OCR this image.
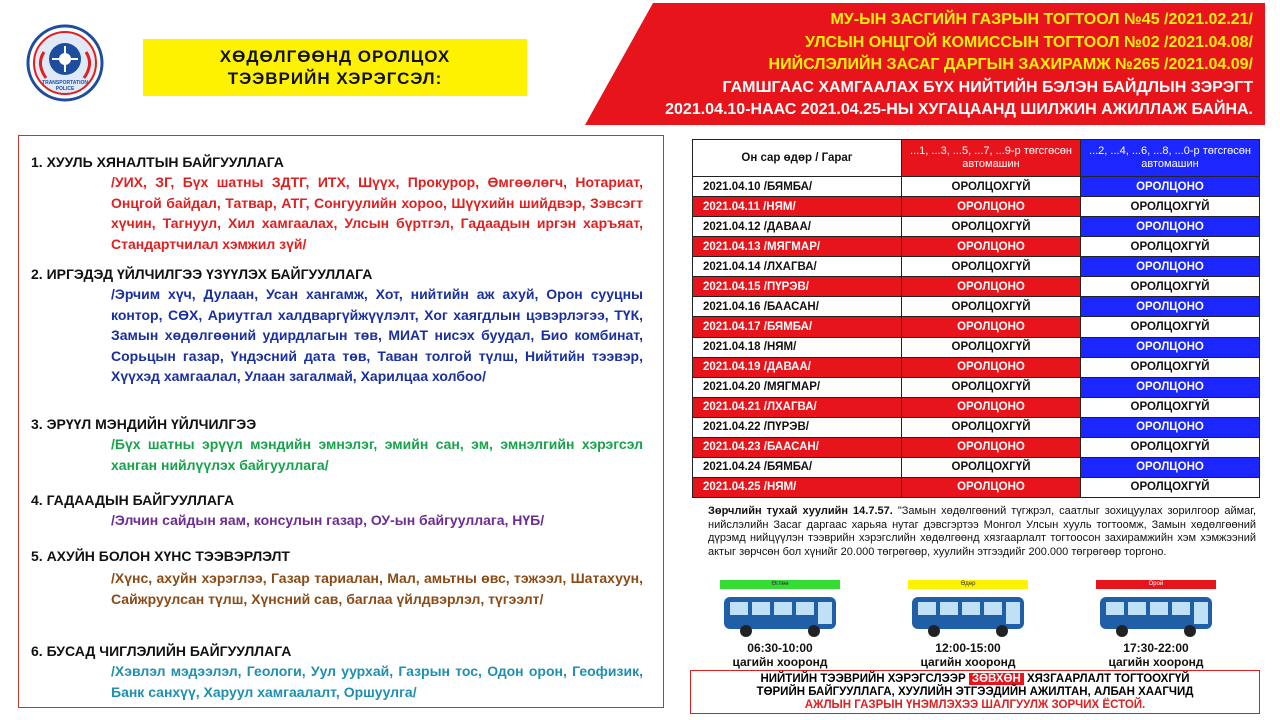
TRANSPORTATION POLICE
ХӨДӨЛГӨӨНД ОРОЛЦОХ
ТЭЭВРИЙН ХЭРЭГСЭЛ:
МУ-ЫН ЗАСГИЙН ГАЗРЫН ТОГТООЛ №45 /2021.02.21/
УЛСЫН ОНЦГОЙ КОМИССЫН ТОГТООЛ №02 /2021.04.08/
НИЙСЛЭЛИЙН ЗАСАГ ДАРГЫН ЗАХИРАМЖ №265 /2021.04.09/
ГАМШГААС ХАМГААЛАХ БҮХ НИЙТИЙН БЭЛЭН БАЙДЛЫН ЗЭРЭГТ
2021.04.10-НААС 2021.04.25-НЫ ХУГАЦААНД ШИЛЖИН АЖИЛЛАЖ БАЙНА.
1. ХУУЛЬ ХЯНАЛТЫН БАЙГУУЛЛАГА
/УИХ, ЗГ, Бүх шатны ЗДТГ, ИТХ, Шүүх, Прокурор, Өмгөөлөгч, Нотариат, Онцгой байдал, Татвар, АТГ, Сонгуулийн хороо, Шүүхийн шийдвэр, Зэвсэгт хүчин, Тагнуул, Хил хамгаалах, Улсын бүртгэл, Гадаадын иргэн харъяат, Стандартчилал хэмжил зүй/
2. ИРГЭДЭД ҮЙЛЧИЛГЭЭ ҮЗҮҮЛЭХ БАЙГУУЛЛАГА
/Эрчим хүч, Дулаан, Усан хангамж, Хот, нийтийн аж ахуй, Орон сууцны контор, СӨХ, Ариутгал халдваргүйжүүлэлт, Хог хаягдлын цэвэрлэгээ, ТҮК, Замын хөдөлгөөний удирдлагын төв, МИАТ нисэх буудал, Био комбинат, Сорьцын газар, Үндэсний дата төв, Таван толгой түлш, Нийтийн тээвэр, Хүүхэд хамгаалал, Улаан загалмай, Харилцаа холбоо/
3. ЭРҮҮЛ МЭНДИЙН ҮЙЛЧИЛГЭЭ
/Бүх шатны эрүүл мэндийн эмнэлэг, эмийн сан, эм, эмнэлгийн хэрэгсэл ханган нийлүүлэх байгууллага/
4. ГАДААДЫН БАЙГУУЛЛАГА
/Элчин сайдын яам, консулын газар, ОУ-ын байгууллага, НҮБ/
5. АХУЙН БОЛОН ХҮНС ТЭЭВЭРЛЭЛТ
/Хүнс, ахуйн хэрэглээ, Газар тариалан, Мал, амьтны өвс, тэжээл, Шатахуун, Сайжруулсан түлш, Хүнсний сав, баглаа үйлдвэрлэл, түгээлт/
6. БУСАД ЧИГЛЭЛИЙН БАЙГУУЛЛАГА
/Хэвлэл мэдээлэл, Геологи, Уул уурхай, Газрын тос, Одон орон, Геофизик, Банк санхүү, Харуул хамгаалалт, Оршуулга/
Он сар өдөр / Гараг	...1, ...3, ...5, ...7, ...9-р төгсгөсөн автомашин	...2, ...4, ...6, ...8, ...0-р төгсгөсөн автомашин
2021.04.10 /БЯМБА/	ОРОЛЦОХГҮЙ	ОРОЛЦОНО
2021.04.11 /НЯМ/	ОРОЛЦОНО	ОРОЛЦОХГҮЙ
2021.04.12 /ДАВАА/	ОРОЛЦОХГҮЙ	ОРОЛЦОНО
2021.04.13 /МЯГМАР/	ОРОЛЦОНО	ОРОЛЦОХГҮЙ
2021.04.14 /ЛХАГВА/	ОРОЛЦОХГҮЙ	ОРОЛЦОНО
2021.04.15 /ПҮРЭВ/	ОРОЛЦОНО	ОРОЛЦОХГҮЙ
2021.04.16 /БААСАН/	ОРОЛЦОХГҮЙ	ОРОЛЦОНО
2021.04.17 /БЯМБА/	ОРОЛЦОНО	ОРОЛЦОХГҮЙ
2021.04.18 /НЯМ/	ОРОЛЦОХГҮЙ	ОРОЛЦОНО
2021.04.19 /ДАВАА/	ОРОЛЦОНО	ОРОЛЦОХГҮЙ
2021.04.20 /МЯГМАР/	ОРОЛЦОХГҮЙ	ОРОЛЦОНО
2021.04.21 /ЛХАГВА/	ОРОЛЦОНО	ОРОЛЦОХГҮЙ
2021.04.22 /ПҮРЭВ/	ОРОЛЦОХГҮЙ	ОРОЛЦОНО
2021.04.23 /БААСАН/	ОРОЛЦОНО	ОРОЛЦОХГҮЙ
2021.04.24 /БЯМБА/	ОРОЛЦОХГҮЙ	ОРОЛЦОНО
2021.04.25 /НЯМ/	ОРОЛЦОНО	ОРОЛЦОХГҮЙ
Зөрчлийн тухай хуулийн 14.7.57. "Замын хөдөлгөөний түгжрэл, саатлыг зохицуулах зорилгоор аймаг, нийслэлийн Засаг даргаас харьяа нутаг дэвсгэртээ Монгол Улсын хууль тогтоомж, Замын хөдөлгөөний дүрэмд нийцүүлэн тээврийн хэрэгслийн хөдөлгөөнд хязгаарлалт тогтоосон захирамжийн хэм хэмжээний актыг зөрчсөн бол хүнийг 20.000 төгрөгөөр, хуулийн этгээдийг 200.000 төгрөгөөр торгоно.
Өглөө
06:30-10:00
цагийн хооронд
Өдөр
12:00-15:00
цагийн хооронд
Орой
17:30-22:00
цагийн хооронд
НИЙТИЙН ТЭЭВРИЙН ХЭРЭГСЛЭЭР ЗӨВХӨН ХЯЗГААРЛАЛТ ТОГТООХГҮЙ
ТӨРИЙН БАЙГУУЛЛАГА, ХУУЛИЙН ЭТГЭЭДИЙН АЖИЛТАН, АЛБАН ХААГЧИД
АЖЛЫН ГАЗРЫН ҮНЭМЛЭХЭЭ ШАЛГУУЛЖ ЗОРЧИХ ЁСТОЙ.
